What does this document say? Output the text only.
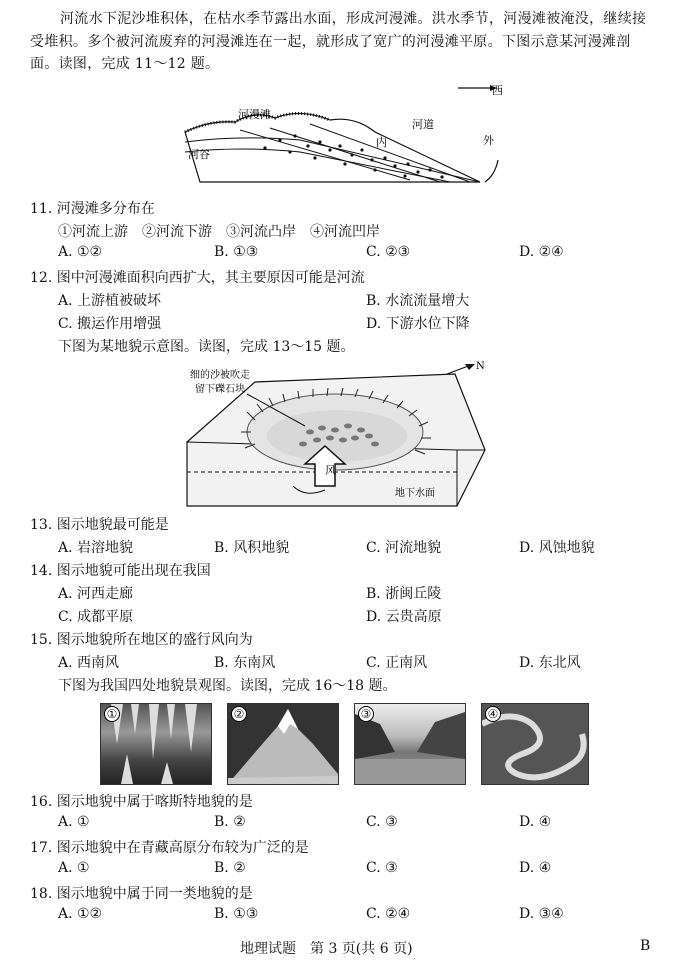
河流水下泥沙堆积体，在枯水季节露出水面，形成河漫滩。洪水季节，河漫滩被淹没，继续接受堆积。多个被河流废弃的河漫滩连在一起，就形成了宽广的河漫滩平原。下图示意某河漫滩剖面。读图，完成 11～12 题。
河漫滩
河谷
河道
内	外
西
11. 河漫滩多分布在
①河流上游　②河流下游　③河流凸岸　④河流凹岸
A. ①②	B. ①③	C. ②③	D. ②④
12. 图中河漫滩面积向西扩大，其主要原因可能是河流
A. 上游植被破坏	B. 水流流量增大
C. 搬运作用增强	D. 下游水位下降
下图为某地貌示意图。读图，完成 13～15 题。
N
风
地下水面
细的沙被吹走
留下礫石块
13. 图示地貌最可能是
A. 岩溶地貌	B. 风积地貌	C. 河流地貌	D. 风蚀地貌
14. 图示地貌可能出现在我国
A. 河西走廊	B. 浙闽丘陵
C. 成都平原	D. 云贵高原
15. 图示地貌所在地区的盛行风向为
A. 西南风	B. 东南风	C. 正南风	D. 东北风
下图为我国四处地貌景观图。读图，完成 16～18 题。
①	②	③	④
16. 图示地貌中属于喀斯特地貌的是
A. ①	B. ②	C. ③	D. ④
17. 图示地貌中在青藏高原分布较为广泛的是
A. ①	B. ②	C. ③	D. ④
18. 图示地貌中属于同一类地貌的是
A. ①②	B. ①③	C. ②④	D. ③④
地理试题　第 3 页(共 6 页)	B
